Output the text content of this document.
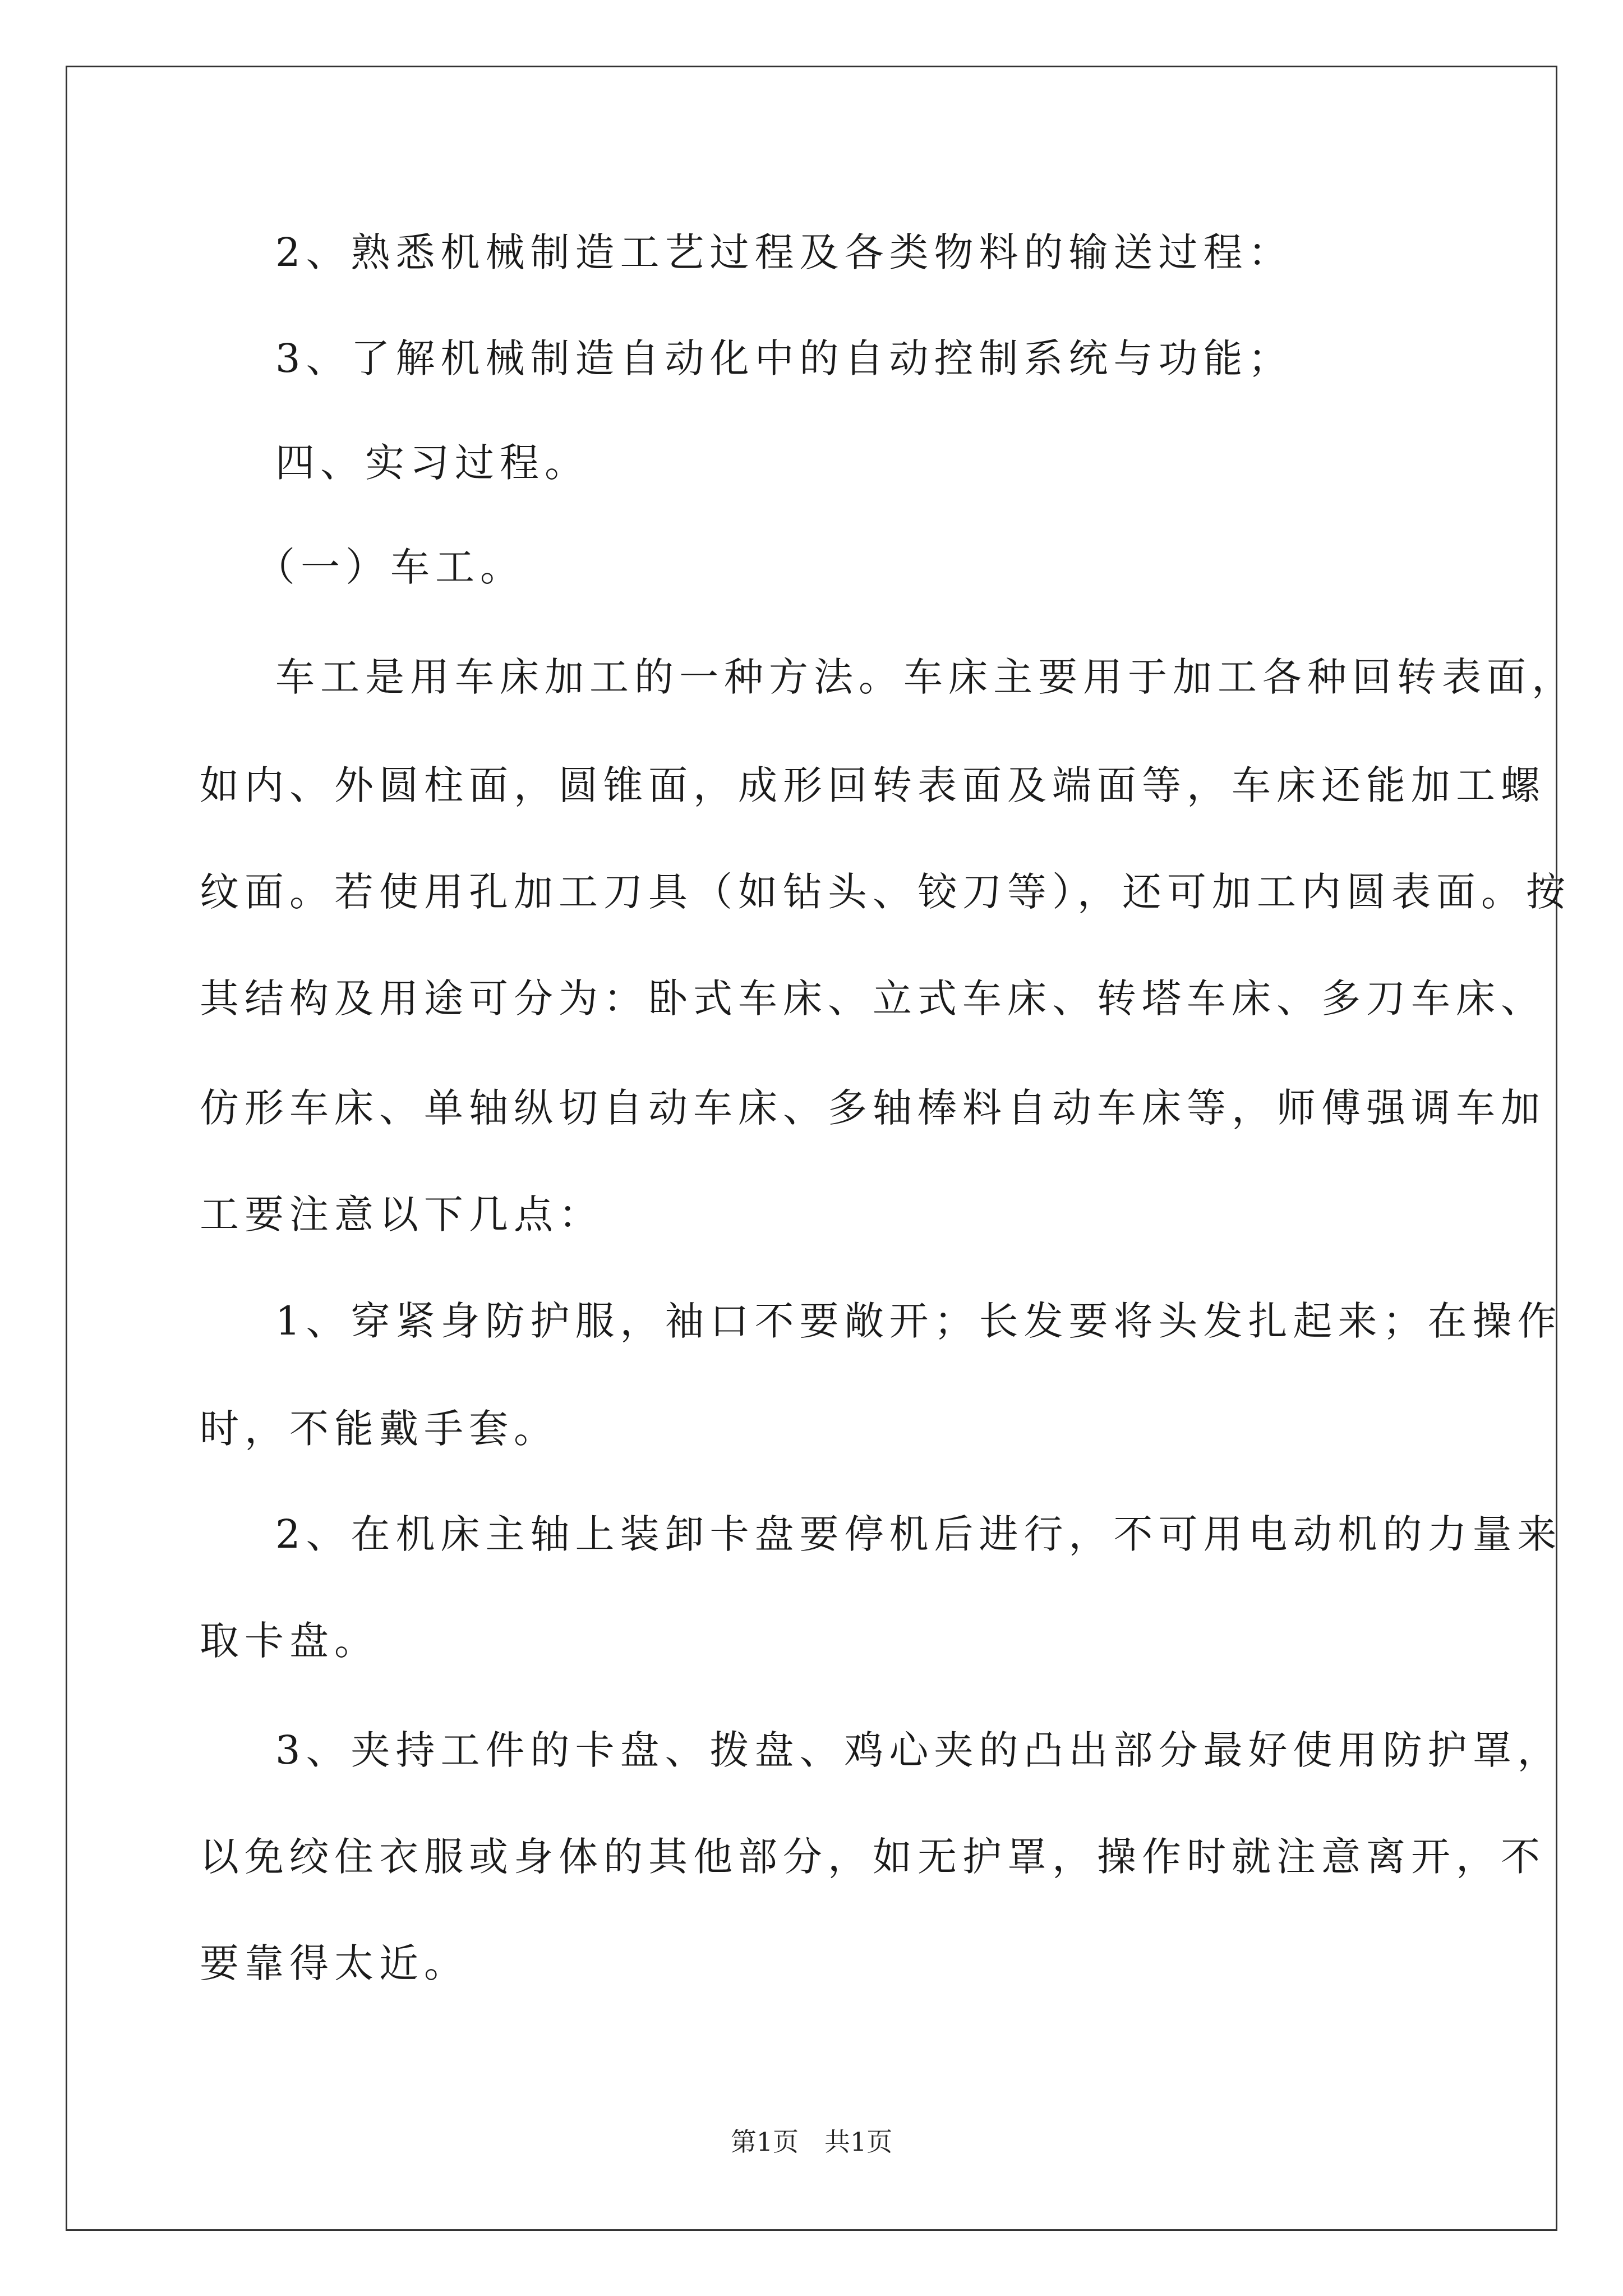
2、熟悉机械制造工艺过程及各类物料的输送过程：
3、了解机械制造自动化中的自动控制系统与功能；
四、实习过程。
（一）车工。
车工是用车床加工的一种方法。车床主要用于加工各种回转表面，
如内、外圆柱面，圆锥面，成形回转表面及端面等，车床还能加工螺
纹面。若使用孔加工刀具（如钻头、铰刀等），还可加工内圆表面。按
其结构及用途可分为：卧式车床、立式车床、转塔车床、多刀车床、
仿形车床、单轴纵切自动车床、多轴棒料自动车床等，师傅强调车加
工要注意以下几点：
1、穿紧身防护服，袖口不要敞开；长发要将头发扎起来；在操作
时，不能戴手套。
2、在机床主轴上装卸卡盘要停机后进行，不可用电动机的力量来
取卡盘。
3、夹持工件的卡盘、拨盘、鸡心夹的凸出部分最好使用防护罩，
以免绞住衣服或身体的其他部分，如无护罩，操作时就注意离开，不
要靠得太近。
第1页　共1页
